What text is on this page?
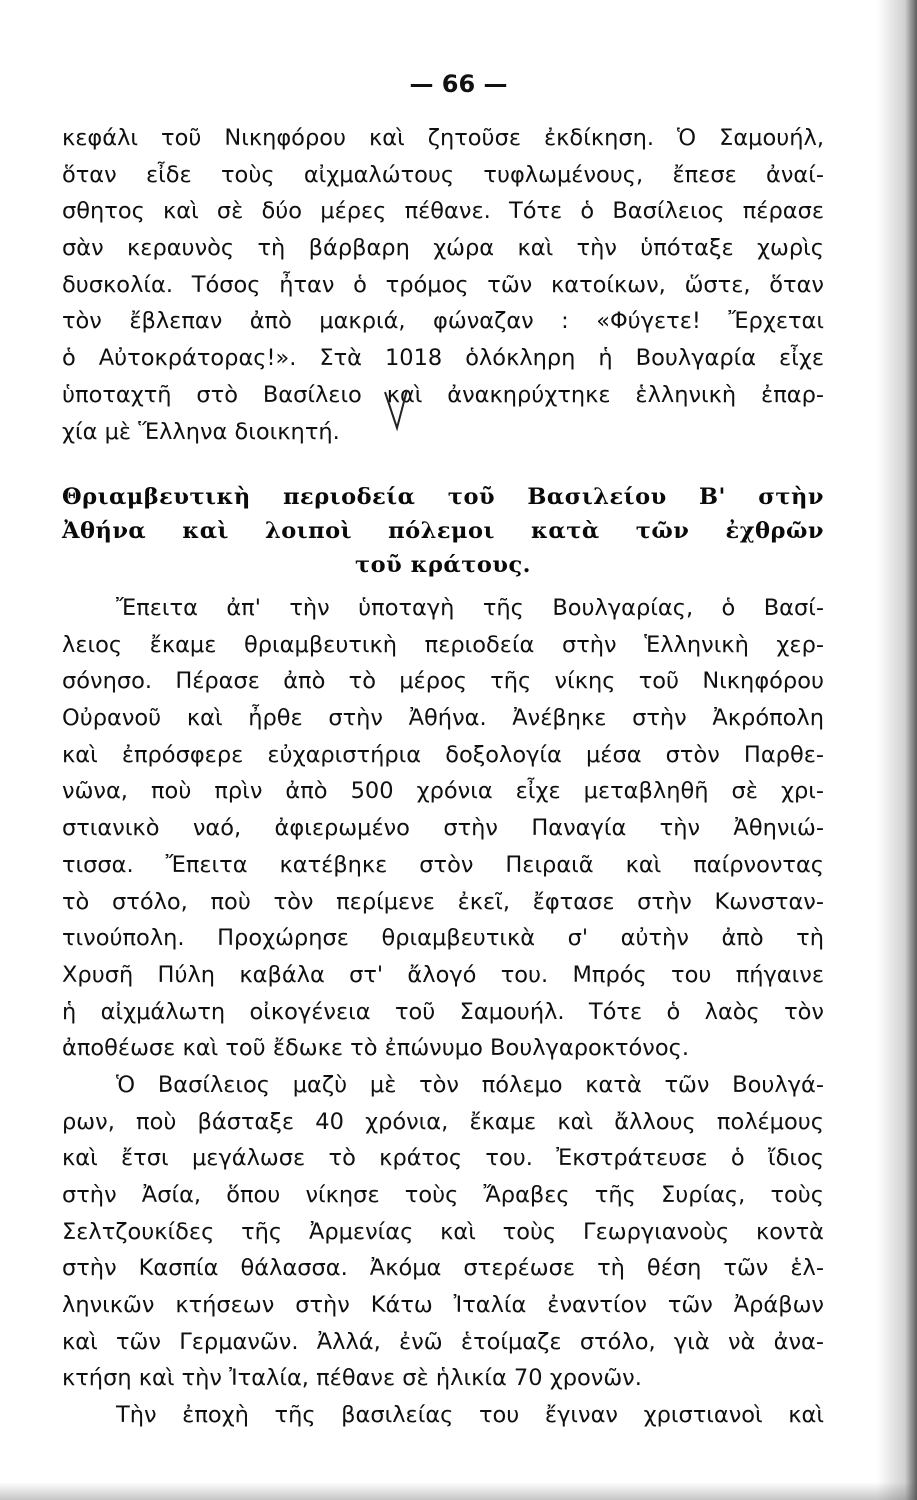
— 66 —
κεφάλι τοῦ Νικηφόρου καὶ ζητοῦσε ἐκδίκηση. Ὁ Σαμουήλ,
ὅταν εἶδε τοὺς αἰχμαλώτους τυφλωμένους, ἔπεσε ἀναί-
σθητος καὶ σὲ δύο μέρες πέθανε. Τότε ὁ Βασίλειος πέρασε
σὰν κεραυνὸς τὴ βάρβαρη χώρα καὶ τὴν ὑπόταξε χωρὶς
δυσκολία. Τόσος ἦταν ὁ τρόμος τῶν κατοίκων, ὥστε, ὅταν
τὸν ἔβλεπαν ἀπὸ μακριά, φώναζαν : «Φύγετε! Ἔρχεται
ὁ Αὐτοκράτορας!». Στὰ 1018 ὁλόκληρη ἡ Βουλγαρία εἶχε
ὑποταχτῆ στὸ Βασίλειο καὶ ἀνακηρύχτηκε ἑλληνικὴ ἐπαρ-
χία μὲ Ἕλληνα διοικητή.
Θριαμβευτικὴ περιοδεία τοῦ Βασιλείου Β' στὴν
Ἀθήνα καὶ λοιποὶ πόλεμοι κατὰ τῶν ἐχθρῶν
τοῦ κράτους.
Ἔπειτα ἀπ' τὴν ὑποταγὴ τῆς Βουλγαρίας, ὁ Βασί-
λειος ἔκαμε θριαμβευτικὴ περιοδεία στὴν Ἑλληνικὴ χερ-
σόνησο. Πέρασε ἀπὸ τὸ μέρος τῆς νίκης τοῦ Νικηφόρου
Οὐρανοῦ καὶ ἦρθε στὴν Ἀθήνα. Ἀνέβηκε στὴν Ἀκρόπολη
καὶ ἐπρόσφερε εὐχαριστήρια δοξολογία μέσα στὸν Παρθε-
νῶνα, ποὺ πρὶν ἀπὸ 500 χρόνια εἶχε μεταβληθῆ σὲ χρι-
στιανικὸ ναό, ἀφιερωμένο στὴν Παναγία τὴν Ἀθηνιώ-
τισσα. Ἔπειτα κατέβηκε στὸν Πειραιᾶ καὶ παίρνοντας
τὸ στόλο, ποὺ τὸν περίμενε ἐκεῖ, ἔφτασε στὴν Κωνσταν-
τινούπολη. Προχώρησε θριαμβευτικὰ σ' αὐτὴν ἀπὸ τὴ
Χρυσῆ Πύλη καβάλα στ' ἄλογό του. Μπρός του πήγαινε
ἡ αἰχμάλωτη οἰκογένεια τοῦ Σαμουήλ. Τότε ὁ λαὸς τὸν
ἀποθέωσε καὶ τοῦ ἔδωκε τὸ ἐπώνυμο Βουλγαροκτόνος.
Ὁ Βασίλειος μαζὺ μὲ τὸν πόλεμο κατὰ τῶν Βουλγά-
ρων, ποὺ βάσταξε 40 χρόνια, ἔκαμε καὶ ἄλλους πολέμους
καὶ ἔτσι μεγάλωσε τὸ κράτος του. Ἐκστράτευσε ὁ ἴδιος
στὴν Ἀσία, ὅπου νίκησε τοὺς Ἄραβες τῆς Συρίας, τοὺς
Σελτζουκίδες τῆς Ἀρμενίας καὶ τοὺς Γεωργιανοὺς κοντὰ
στὴν Κασπία θάλασσα. Ἀκόμα στερέωσε τὴ θέση τῶν ἑλ-
ληνικῶν κτήσεων στὴν Κάτω Ἰταλία ἐναντίον τῶν Ἀράβων
καὶ τῶν Γερμανῶν. Ἀλλά, ἐνῶ ἑτοίμαζε στόλο, γιὰ νὰ ἀνα-
κτήση καὶ τὴν Ἰταλία, πέθανε σὲ ἡλικία 70 χρονῶν.
Τὴν ἐποχὴ τῆς βασιλείας του ἔγιναν χριστιανοὶ καὶ
